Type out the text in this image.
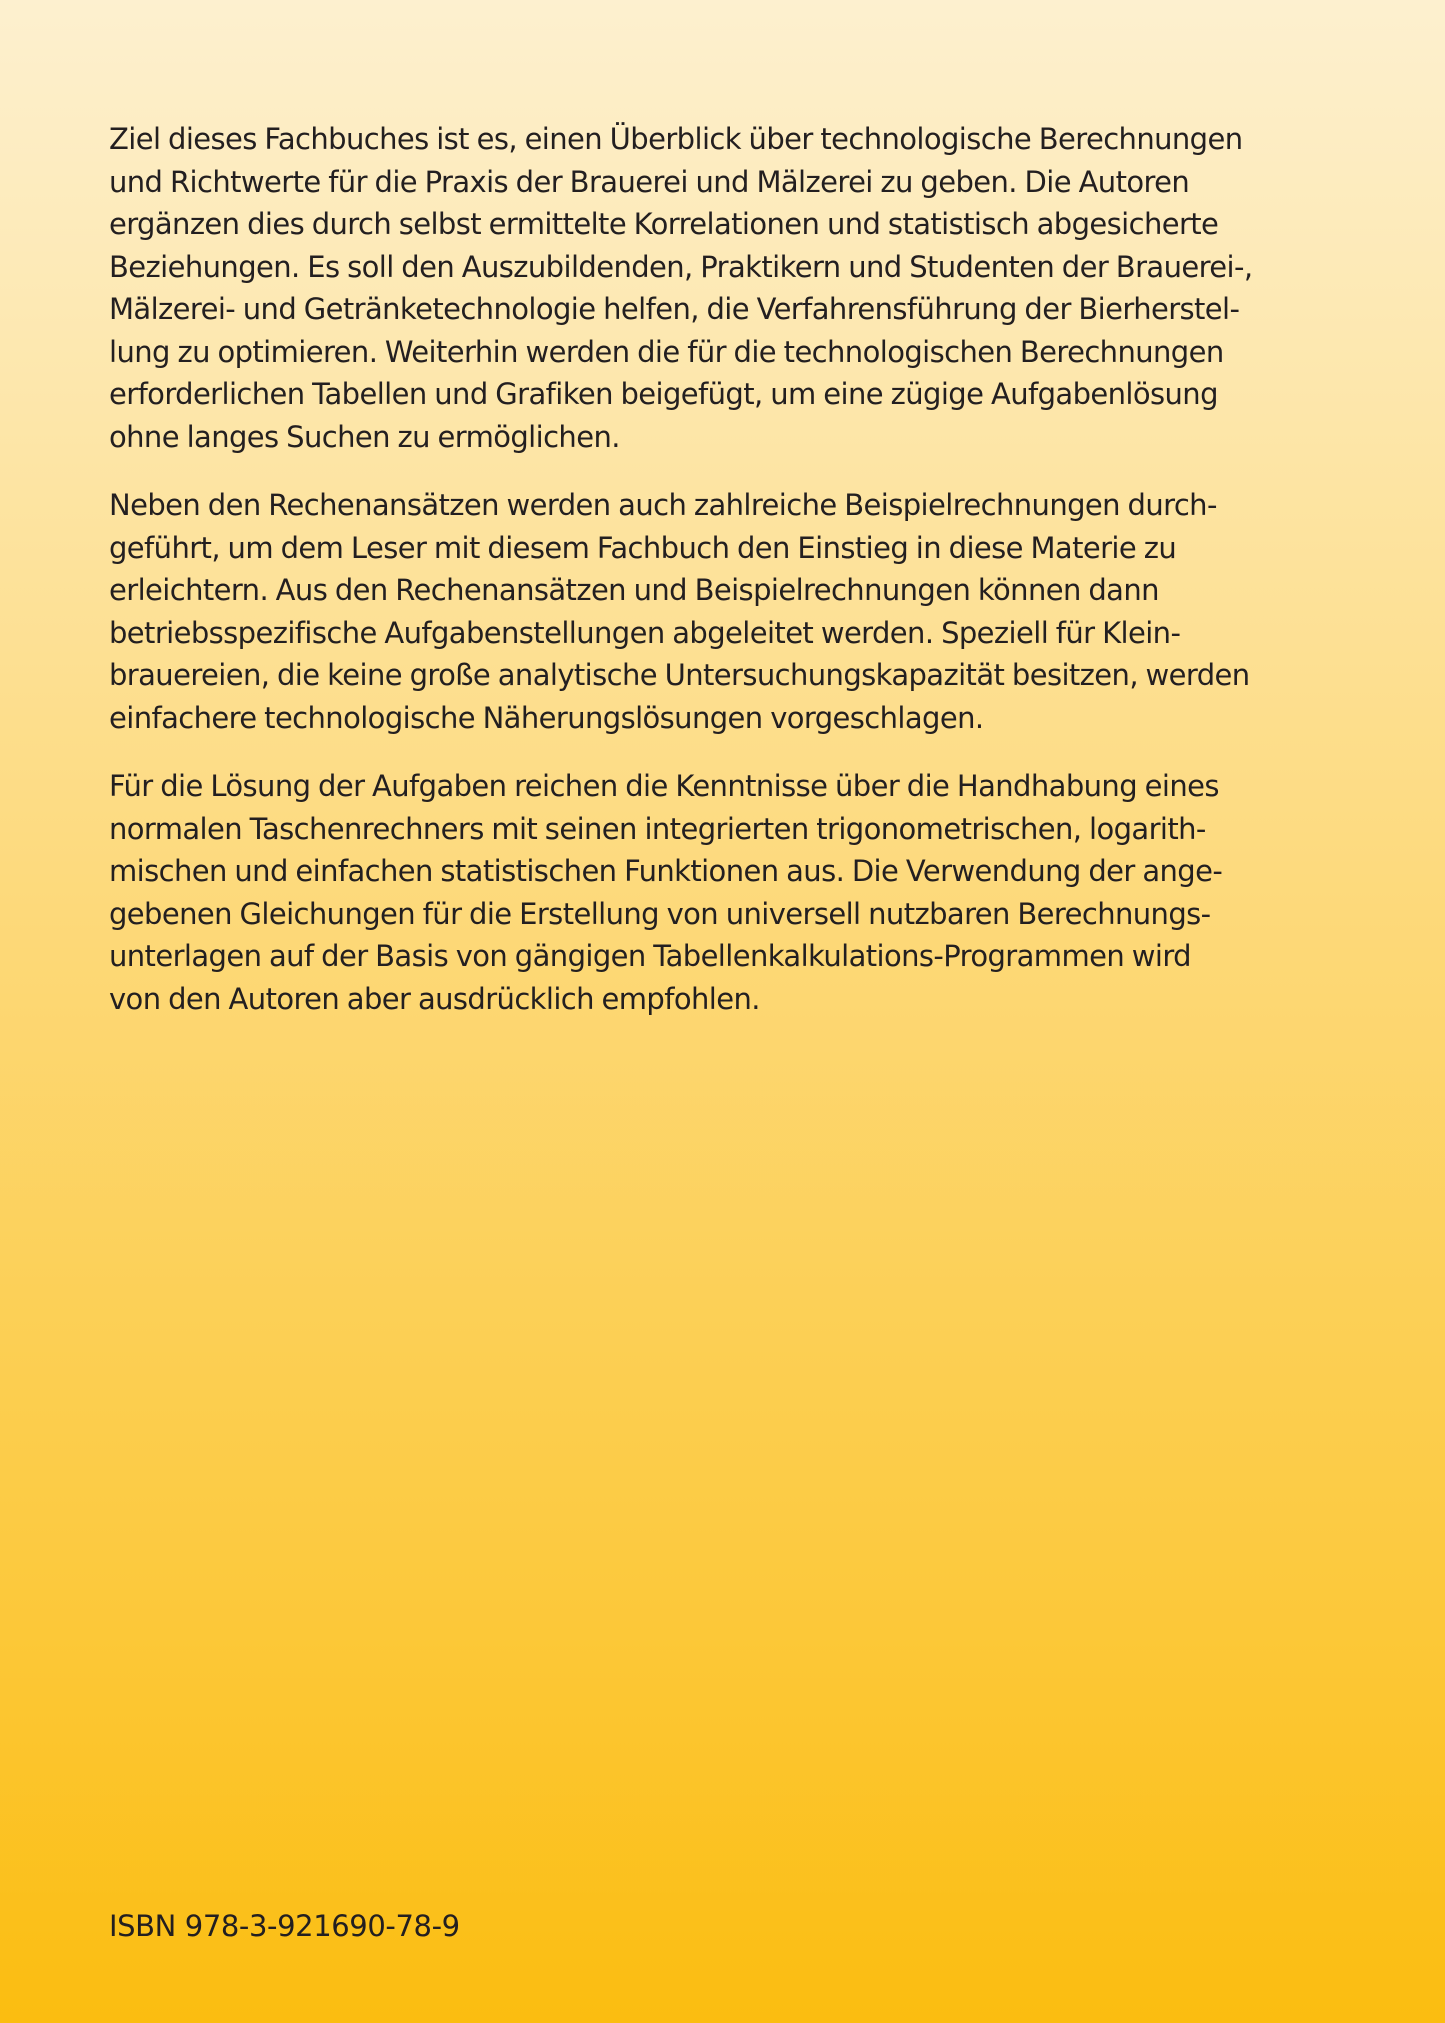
Ziel dieses Fachbuches ist es, einen Überblick über technologische Berechnungen
und Richtwerte für die Praxis der Brauerei und Mälzerei zu geben. Die Autoren
ergänzen dies durch selbst ermittelte Korrelationen und statistisch abgesicherte
Beziehungen. Es soll den Auszubildenden, Praktikern und Studenten der Brauerei-,
Mälzerei- und Getränketechnologie helfen, die Verfahrensführung der Bierherstel-
lung zu optimieren. Weiterhin werden die für die technologischen Berechnungen
erforderlichen Tabellen und Grafiken beigefügt, um eine zügige Aufgabenlösung
ohne langes Suchen zu ermöglichen.

Neben den Rechenansätzen werden auch zahlreiche Beispielrechnungen durch-
geführt, um dem Leser mit diesem Fachbuch den Einstieg in diese Materie zu
erleichtern. Aus den Rechenansätzen und Beispielrechnungen können dann
betriebsspezifische Aufgabenstellungen abgeleitet werden. Speziell für Klein-
brauereien, die keine große analytische Untersuchungskapazität besitzen, werden
einfachere technologische Näherungslösungen vorgeschlagen.

Für die Lösung der Aufgaben reichen die Kenntnisse über die Handhabung eines
normalen Taschenrechners mit seinen integrierten trigonometrischen, logarith-
mischen und einfachen statistischen Funktionen aus. Die Verwendung der ange-
gebenen Gleichungen für die Erstellung von universell nutzbaren Berechnungs-
unterlagen auf der Basis von gängigen Tabellenkalkulations-Programmen wird
von den Autoren aber ausdrücklich empfohlen.

ISBN 978-3-921690-78-9
